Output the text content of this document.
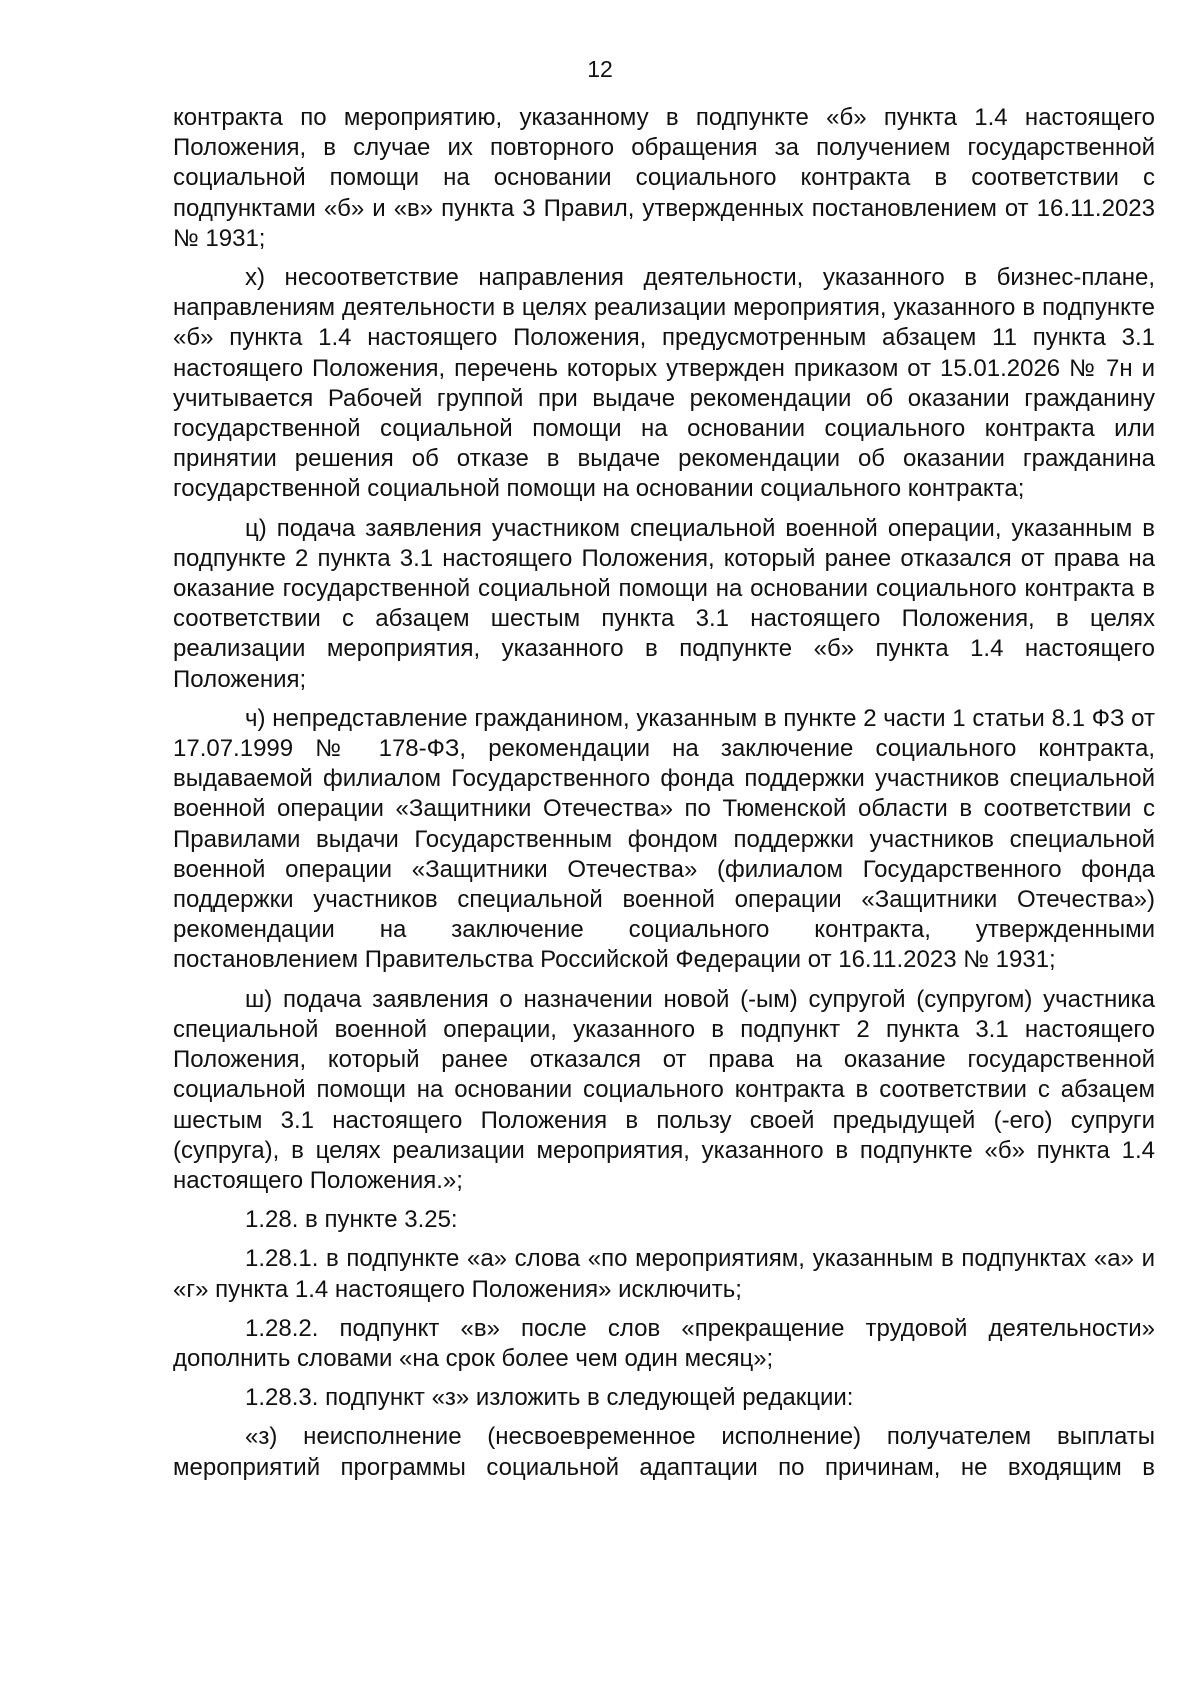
12

контракта по мероприятию, указанному в подпункте «б» пункта 1.4 настоящего Положения, в случае их повторного обращения за получением государственной социальной помощи на основании социального контракта в соответствии с подпунктами «б» и «в» пункта 3 Правил, утвержденных постановлением от 16.11.2023 № 1931;

х) несоответствие направления деятельности, указанного в бизнес-плане, направлениям деятельности в целях реализации мероприятия, указанного в подпункте «б» пункта 1.4 настоящего Положения, предусмотренным абзацем 11 пункта 3.1 настоящего Положения, перечень которых утвержден приказом от 15.01.2026 № 7н и учитывается Рабочей группой при выдаче рекомендации об оказании гражданину государственной социальной помощи на основании социального контракта или принятии решения об отказе в выдаче рекомендации об оказании гражданина государственной социальной помощи на основании социального контракта;

ц) подача заявления участником специальной военной операции, указанным в подпункте 2 пункта 3.1 настоящего Положения, который ранее отказался от права на оказание государственной социальной помощи на основании социального контракта в соответствии с абзацем шестым пункта 3.1 настоящего Положения, в целях реализации мероприятия, указанного в подпункте «б» пункта 1.4 настоящего Положения;

ч) непредставление гражданином, указанным в пункте 2 части 1 статьи 8.1 ФЗ от 17.07.1999 № 178-ФЗ, рекомендации на заключение социального контракта, выдаваемой филиалом Государственного фонда поддержки участников специальной военной операции «Защитники Отечества» по Тюменской области в соответствии с Правилами выдачи Государственным фондом поддержки участников специальной военной операции «Защитники Отечества» (филиалом Государственного фонда поддержки участников специальной военной операции «Защитники Отечества») рекомендации на заключение социального контракта, утвержденными постановлением Правительства Российской Федерации от 16.11.2023 № 1931;

ш) подача заявления о назначении новой (-ым) супругой (супругом) участника специальной военной операции, указанного в подпункт 2 пункта 3.1 настоящего Положения, который ранее отказался от права на оказание государственной социальной помощи на основании социального контракта в соответствии с абзацем шестым 3.1 настоящего Положения в пользу своей предыдущей (-его) супруги (супруга), в целях реализации мероприятия, указанного в подпункте «б» пункта 1.4 настоящего Положения.»;

1.28. в пункте 3.25:

1.28.1. в подпункте «а» слова «по мероприятиям, указанным в подпунктах «а» и «г» пункта 1.4 настоящего Положения» исключить;

1.28.2. подпункт «в» после слов «прекращение трудовой деятельности» дополнить словами «на срок более чем один месяц»;

1.28.3. подпункт «з» изложить в следующей редакции:

«з) неисполнение (несвоевременное исполнение) получателем выплаты мероприятий программы социальной адаптации по причинам, не входящим в
